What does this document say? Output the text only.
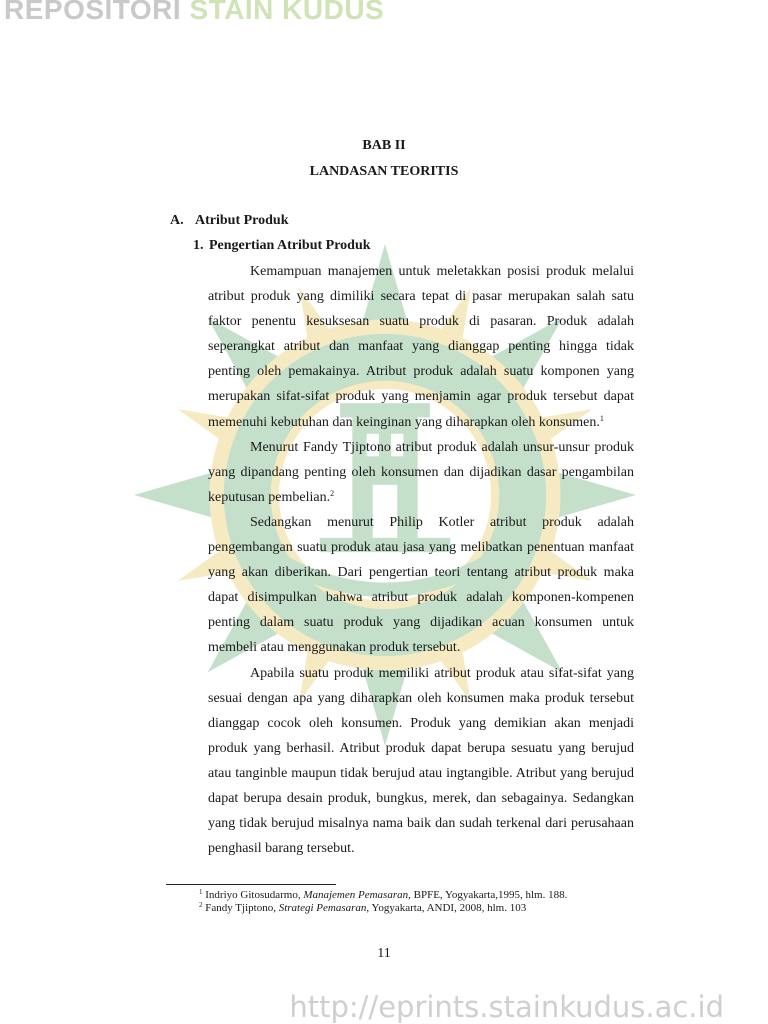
REPOSITORI STAIN KUDUS
BAB II
LANDASAN TEORITIS
A. Atribut Produk
1. Pengertian Atribut Produk

Kemampuan manajemen untuk meletakkan posisi produk melalui atribut produk yang dimiliki secara tepat di pasar merupakan salah satu faktor penentu kesuksesan suatu produk di pasaran. Produk adalah seperangkat atribut dan manfaat yang dianggap penting hingga tidak penting oleh pemakainya. Atribut produk adalah suatu komponen yang merupakan sifat-sifat produk yang menjamin agar produk tersebut dapat memenuhi kebutuhan dan keinginan yang diharapkan oleh konsumen.$^1$

Menurut Fandy Tjiptono atribut produk adalah unsur-unsur produk yang dipandang penting oleh konsumen dan dijadikan dasar pengambilan keputusan pembelian.$^2$

Sedangkan menurut Philip Kotler atribut produk adalah pengembangan suatu produk atau jasa yang melibatkan penentuan manfaat yang akan diberikan. Dari pengertian teori tentang atribut produk maka dapat disimpulkan bahwa atribut produk adalah komponen-kompenen penting dalam suatu produk yang dijadikan acuan konsumen untuk membeli atau menggunakan produk tersebut.

Apabila suatu produk memiliki atribut produk atau sifat-sifat yang sesuai dengan apa yang diharapkan oleh konsumen maka produk tersebut dianggap cocok oleh konsumen. Produk yang demikian akan menjadi produk yang berhasil. Atribut produk dapat berupa sesuatu yang berujud atau tanginble maupun tidak berujud atau ingtangible. Atribut yang berujud dapat berupa desain produk, bungkus, merek, dan sebagainya. Sedangkan yang tidak berujud misalnya nama baik dan sudah terkenal dari perusahaan penghasil barang tersebut.

$^1$ Indriyo Gitosudarmo, Manajemen Pemasaran, BPFE, Yogyakarta,1995, hlm. 188.
$^2$ Fandy Tjiptono, Strategi Pemasaran, Yogyakarta, ANDI, 2008, hlm. 103
11
http://eprints.stainkudus.ac.id
